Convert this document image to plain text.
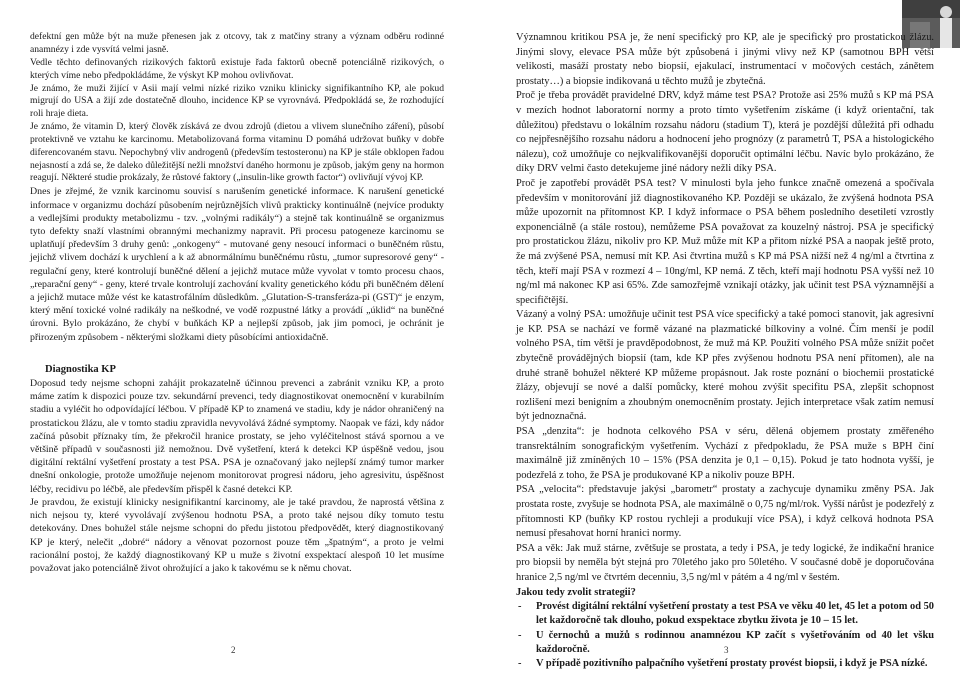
defektní gen může být na muže přenesen jak z otcovy, tak z matčiny strany a význam odběru rodinné anamnézy i zde vysvítá velmi jasně.

Vedle těchto definovaných rizikových faktorů existuje řada faktorů obecně potenciálně rizikových, o kterých víme nebo předpokládáme, že výskyt KP mohou ovlivňovat.

Je známo, že muži žijící v Asii mají velmi nízké riziko vzniku klinicky signifikantního KP, ale pokud migrují do USA a žijí zde dostatečně dlouho, incidence KP se vyrovnává. Předpokládá se, že rozhodující roli hraje dieta.

Je známo, že vitamin D, který člověk získává ze dvou zdrojů (dietou a vlivem slunečního záření), působí protektivně ve vztahu ke karcinomu. Metabolizovaná forma vitaminu D pomáhá udržovat buňky v dobře diferencovaném stavu. Nepochybný vliv androgenů (především testosteronu) na KP je stále obklopen řadou nejasností a zdá se, že daleko důležitější nežli množství daného hormonu je způsob, jakým geny na hormon reagují. Některé studie prokázaly, že růstové faktory („insulin-like growth factor“) ovlivňují vývoj KP.

Dnes je zřejmé, že vznik karcinomu souvisí s narušením genetické informace. K narušení genetické informace v organizmu dochází působením nejrůznějších vlivů prakticky kontinuálně (nejvíce produkty a vedlejšími produkty metabolizmu - tzv. „volnými radikály“) a stejně tak kontinuálně se organizmus tyto defekty snaží vlastními obrannými mechanizmy napravit. Při procesu patogeneze karcinomu se uplatňují především 3 druhy genů: „onkogeny“ - mutované geny nesoucí informaci o buněčném růstu, jejichž vlivem dochází k urychlení a k až abnormálnímu buněčnému růstu, „tumor supresorové geny“ - regulační geny, které kontrolují buněčné dělení a jejichž mutace může vyvolat v tomto procesu chaos, „reparační geny“ - geny, které trvale kontrolují zachování kvality genetického kódu při buněčném dělení a jejichž mutace může vést ke katastrofálním důsledkům. „Glutation-S-transferáza-pi (GST)“ je enzym, který mění toxické volné radikály na neškodné, ve vodě rozpustné látky a provádí „úklid“ na buněčné úrovni. Bylo prokázáno, že chybí v buňkách KP a nejlepší způsob, jak jim pomoci, je ochránit je přirozeným způsobem - některými složkami diety působícími antioxidačně.

Diagnostika KP

Doposud tedy nejsme schopni zahájit prokazatelně účinnou prevenci a zabránit vzniku KP, a proto máme zatím k dispozici pouze tzv. sekundární prevenci, tedy diagnostikovat onemocnění v kurabilním stadiu a vyléčit ho odpovídající léčbou. V případě KP to znamená ve stadiu, kdy je nádor ohraničený na prostatickou žlázu, ale v tomto stadiu zpravidla nevyvolává žádné symptomy. Naopak ve fázi, kdy nádor začíná působit příznaky tím, že překročil hranice prostaty, se jeho vyléčitelnost stává spornou a ve většině případů v současnosti již nemožnou. Dvě vyšetření, která k detekci KP úspěšně vedou, jsou digitální rektální vyšetření prostaty a test PSA. PSA je označovaný jako nejlepší známý tumor marker dnešní onkologie, protože umožňuje nejenom monitorovat progresi nádoru, jeho agresivitu, úspěšnost léčby, recidivu po léčbě, ale především přispěl k časné detekci KP.

Je pravdou, že existují klinicky nesignifikantní karcinomy, ale je také pravdou, že naprostá většina z nich nejsou ty, které vyvolávají zvýšenou hodnotu PSA, a proto také nejsou díky tomuto testu detekovány. Dnes bohužel stále nejsme schopni do předu jistotou předpovědět, který diagnostikovaný KP je který, nelečit „dobré“ nádory a věnovat pozornost pouze těm „špatným“, a proto je velmi racionální postoj, že každý diagnostikovaný KP u muže s životní exspektací alespoň 10 let musíme považovat jako potenciálně život ohrožující a jako k takovému se k němu chovat.

2

Významnou kritikou PSA je, že není specifický pro KP, ale je specifický pro prostatickou žlázu. Jinými slovy, elevace PSA může být způsobená i jinými vlivy než KP (samotnou BPH větší velikosti, masáží prostaty nebo biopsií, ejakulací, instrumentací v močových cestách, zánětem prostaty…) a biopsie indikovaná u těchto mužů je zbytečná.

Proč je třeba provádět pravidelné DRV, když máme test PSA? Protože asi 25% mužů s KP má PSA v mezích hodnot laboratorní normy a proto tímto vyšetřením získáme (i když orientační, tak důležitou) představu o lokálním rozsahu nádoru (stadium T), která je pozdější důležitá při odhadu co nejpřesnějšího rozsahu nádoru a hodnocení jeho prognózy (z parametrů T, PSA a histologického nálezu), což umožňuje co nejkvalifikovanější doporučit optimální léčbu. Navíc bylo prokázáno, že díky DRV velmi často detekujeme jiné nádory nežli díky PSA.

Proč je zapotřebí provádět PSA test? V minulosti byla jeho funkce značně omezená a spočívala především v monitorování již diagnostikovaného KP. Později se ukázalo, že zvýšená hodnota PSA může upozornit na přítomnost KP. I když informace o PSA během posledního desetiletí vzrostly exponenciálně (a stále rostou), nemůžeme PSA považovat za kouzelný nástroj. PSA je specifický pro prostatickou žlázu, nikoliv pro KP. Muž může mít KP a přitom nízké PSA a naopak ještě proto, že má zvýšené PSA, nemusí mít KP. Asi čtvrtina mužů s KP má PSA nižší než 4 ng/ml a čtvrtina z těch, kteří mají PSA v rozmezí 4 – 10ng/ml, KP nemá. Z těch, kteří mají hodnotu PSA vyšší než 10 ng/ml má nakonec KP asi 65%. Zde samozřejmě vznikají otázky, jak učinit test PSA významnější a specifičtější.

Vázaný a volný PSA: umožňuje učinit test PSA více specifický a také pomoci stanovit, jak agresivní je KP. PSA se nachází ve formě vázané na plazmatické bílkoviny a volné. Čím menší je podíl volného PSA, tím větší je pravděpodobnost, že muž má KP. Použití volného PSA může snížit počet zbytečně provádějných biopsií (tam, kde KP přes zvýšenou hodnotu PSA není přítomen), ale na druhé straně bohužel některé KP můžeme propásnout. Jak roste poznání o biochemii prostatické žlázy, objevují se nové a další pomůcky, které mohou zvýšit specifitu PSA, zlepšit schopnost rozlišení mezi benigním a zhoubným onemocněním prostaty. Jejich interpretace však zatím nemusí být jednoznačná.

PSA „denzita“: je hodnota celkového PSA v séru, dělená objemem prostaty změřeného transrektálním sonografickým vyšetřením. Vychází z předpokladu, že PSA muže s BPH činí maximálně již zmíněných 10 – 15% (PSA denzita je 0,1 – 0,15). Pokud je tato hodnota vyšší, je podezřelá z toho, že PSA je produkované KP a nikoliv pouze BPH.

PSA „velocita“: představuje jakýsi „barometr“ prostaty a zachycuje dynamiku změny PSA. Jak prostata roste, zvyšuje se hodnota PSA, ale maximálně o 0,75 ng/ml/rok. Vyšší nárůst je podezřelý z přítomnosti KP (buňky KP rostou rychleji a produkují více PSA), i když celková hodnota PSA nemusí přesahovat horní hranici normy.

PSA a věk: Jak muž stárne, zvětšuje se prostata, a tedy i PSA, je tedy logické, že indikační hranice pro biopsii by neměla být stejná pro 70letého jako pro 50letého. V současné době je doporučována hranice 2,5 ng/ml ve čtvrtém decenniu, 3,5 ng/ml v pátém a 4 ng/ml v šestém.

Jakou tedy zvolit strategii?

- Provést digitální rektální vyšetření prostaty a test PSA ve věku 40 let, 45 let a potom od 50 let každoročně tak dlouho, pokud exspektace zbytku života je 10 – 15 let.
- U černochů a mužů s rodinnou anamnézou KP začít s vyšetřováním od 40 let všku každoročně.
- V případě pozitivního palpačního vyšetření prostaty provést biopsii, i když je PSA nízké.
3
